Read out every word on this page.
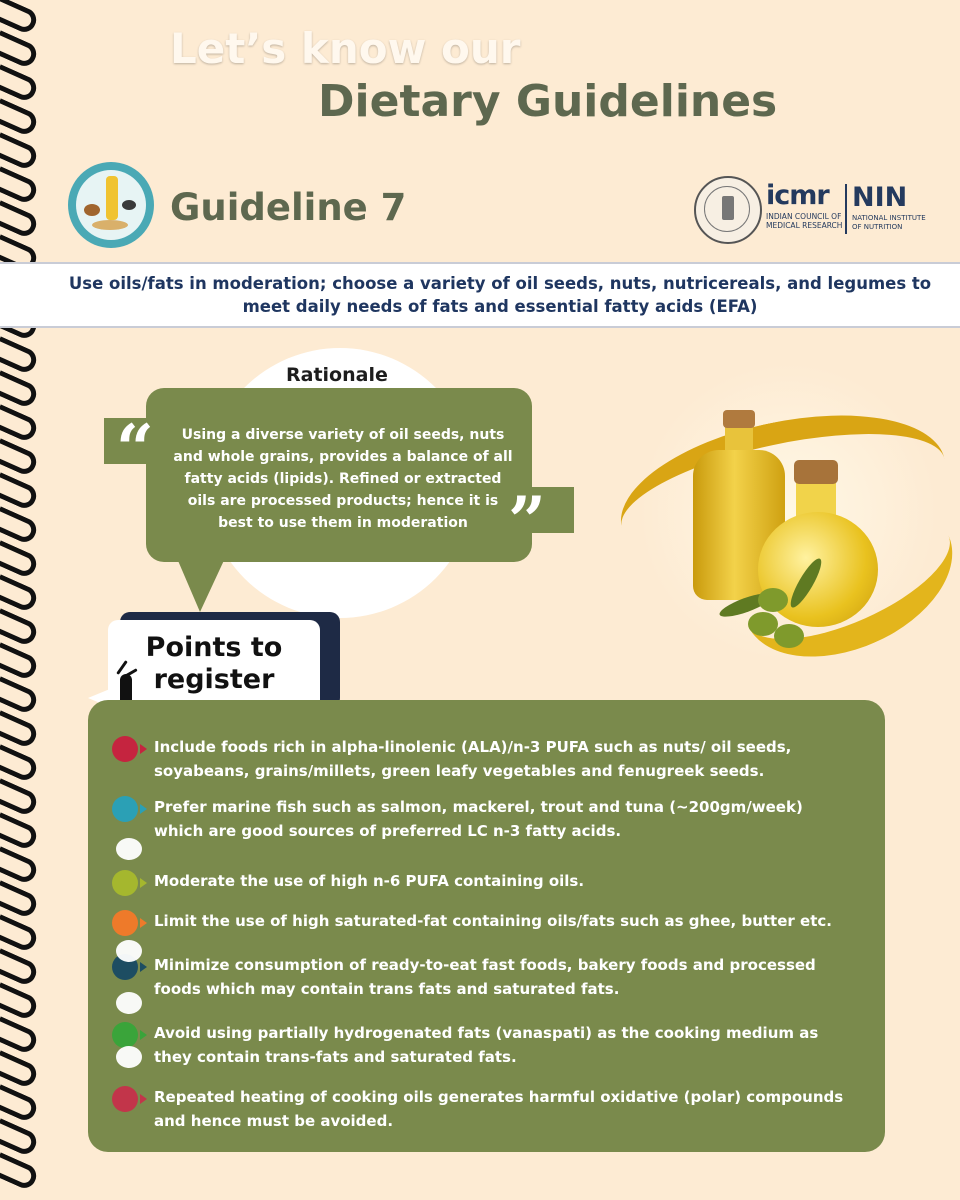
Let’s know our
Dietary Guidelines
Guideline 7	icmr
INDIAN COUNCIL OF MEDICAL RESEARCH
NIN
NATIONAL INSTITUTE OF NUTRITION
Use oils/fats in moderation; choose a variety of oil seeds, nuts, nutricereals, and legumes to meet daily needs of fats and essential fatty acids (EFA)
Rationale
“
”
Using a diverse variety of oil seeds, nuts and whole grains, provides a balance of all fatty acids (lipids). Refined or extracted oils are processed products; hence it is best to use them in moderation
Points to
register
Include foods rich in alpha-linolenic (ALA)/n-3 PUFA such as nuts/ oil seeds, soyabeans, grains/millets, green leafy vegetables and fenugreek seeds.
Prefer marine fish such as salmon, mackerel, trout and tuna (~200gm/week) which are good sources of preferred LC n-3 fatty acids.
Moderate the use of high n-6 PUFA containing oils.
Limit the use of high saturated-fat containing oils/fats such as ghee, butter etc.
Minimize consumption of ready-to-eat fast foods, bakery foods and processed foods which may contain trans fats and saturated fats.
Avoid using partially hydrogenated fats (vanaspati) as the cooking medium as they contain trans-fats and saturated fats.
Repeated heating of cooking oils generates harmful oxidative (polar) compounds and hence must be avoided.
